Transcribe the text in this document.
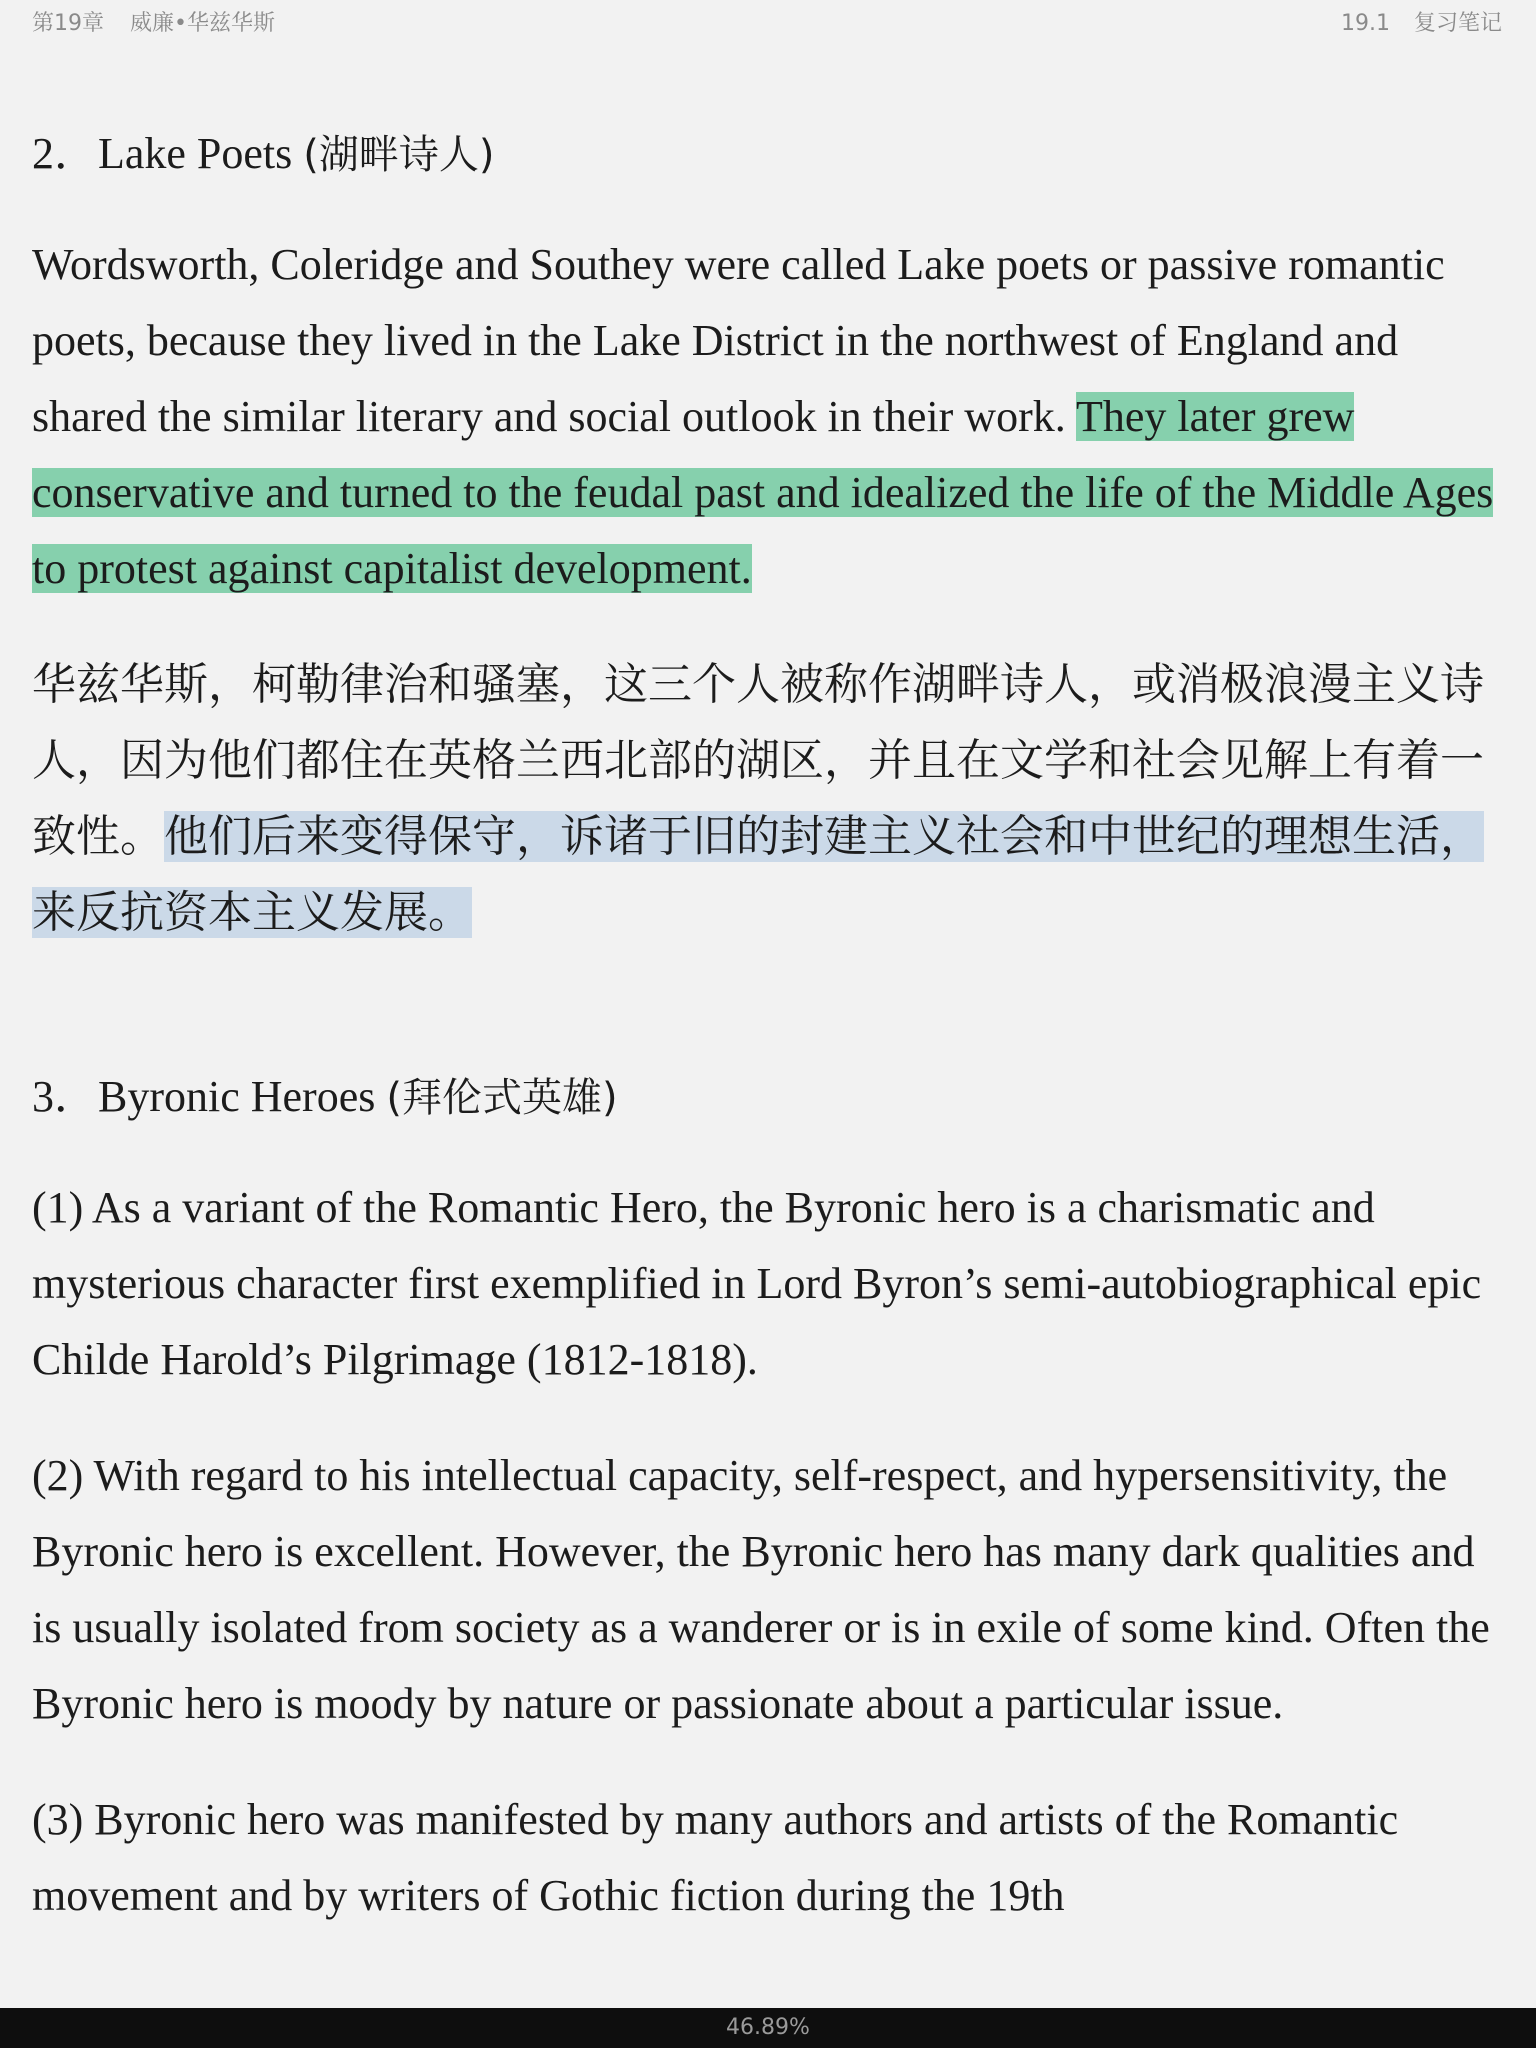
第19章 威廉•华兹华斯	19.1 复习笔记
2．Lake Poets (湖畔诗人)

Wordsworth, Coleridge and Southey were called Lake poets or passive romantic poets, because they lived in the Lake District in the northwest of England and shared the similar literary and social outlook in their work. They later grew conservative and turned to the feudal past and idealized the life of the Middle Ages to protest against capitalist development.

华兹华斯，柯勒律治和骚塞，这三个人被称作湖畔诗人，或消极浪漫主义诗人，因为他们都住在英格兰西北部的湖区，并且在文学和社会见解上有着一致性。他们后来变得保守，诉诸于旧的封建主义社会和中世纪的理想生活，来反抗资本主义发展。

3．Byronic Heroes (拜伦式英雄)

(1) As a variant of the Romantic Hero, the Byronic hero is a charismatic and mysterious character first exemplified in Lord Byron’s semi-autobiographical epic Childe Harold’s Pilgrimage (1812-1818).

(2) With regard to his intellectual capacity, self-respect, and hypersensitivity, the Byronic hero is excellent. However, the Byronic hero has many dark qualities and is usually isolated from society as a wanderer or is in exile of some kind. Often the Byronic hero is moody by nature or passionate about a particular issue.

(3) Byronic hero was manifested by many authors and artists of the Romantic movement and by writers of Gothic fiction during the 19th

46.89%
